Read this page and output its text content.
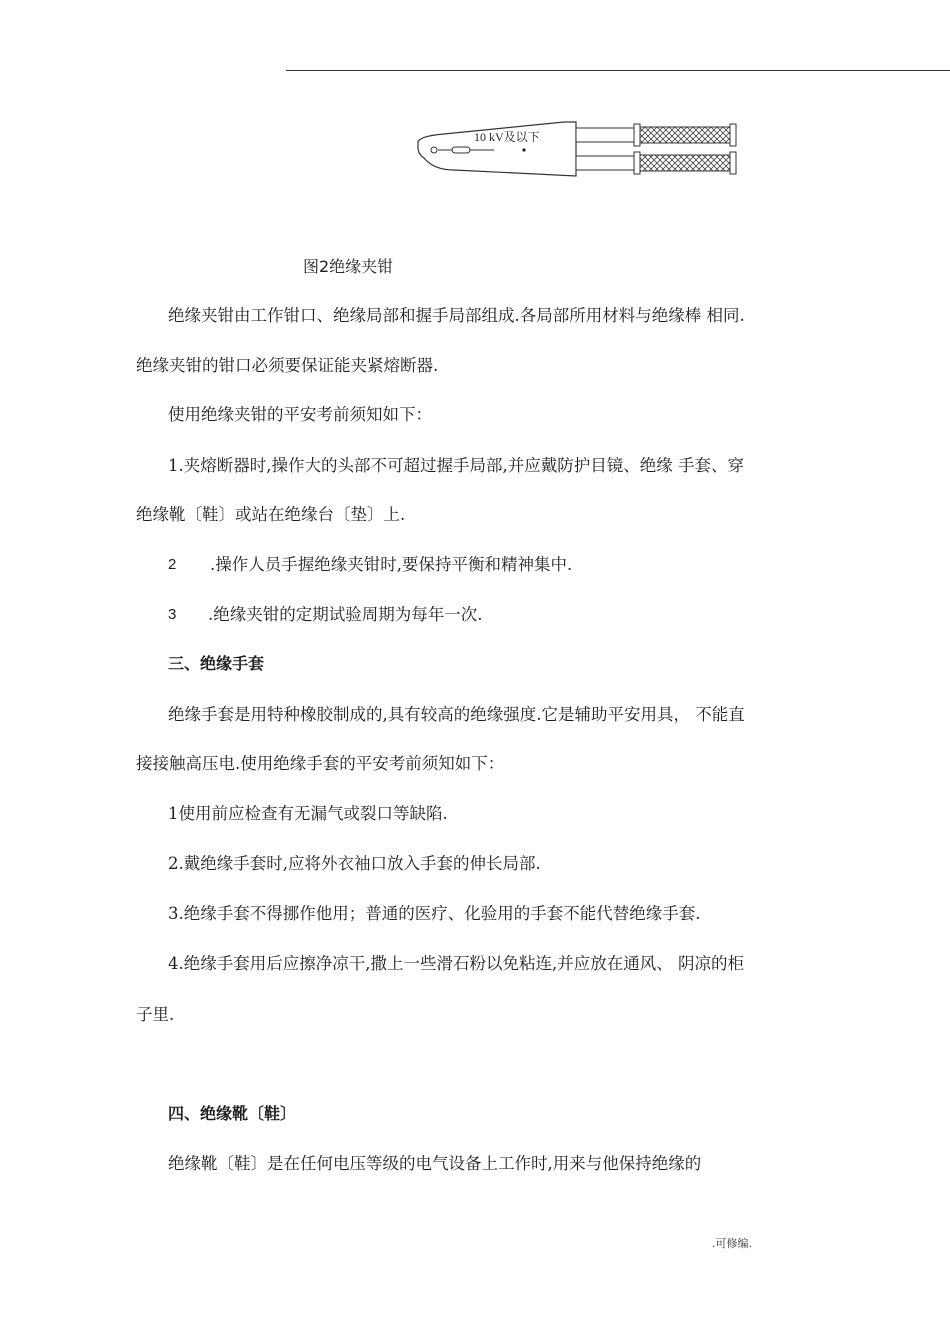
10 kV及以下
图2绝缘夹钳
绝缘夹钳由工作钳口、绝缘局部和握手局部组成.各局部所用材料与绝缘棒 相同.
绝缘夹钳的钳口必须要保证能夹紧熔断器.
使用绝缘夹钳的平安考前须知如下：
1.夹熔断器时,操作大的头部不可超过握手局部,并应戴防护目镜、绝缘 手套、穿
绝缘靴〔鞋〕或站在绝缘台〔垫〕上.
2 .操作人员手握绝缘夹钳时,要保持平衡和精神集中.
3 .绝缘夹钳的定期试验周期为每年一次.
三、绝缘手套
绝缘手套是用特种橡胶制成的,具有较高的绝缘强度.它是辅助平安用具， 不能直
接接触高压电.使用绝缘手套的平安考前须知如下：
1使用前应检查有无漏气或裂口等缺陷.
2.戴绝缘手套时,应将外衣袖口放入手套的伸长局部.
3.绝缘手套不得挪作他用；普通的医疗、化验用的手套不能代替绝缘手套.
4.绝缘手套用后应擦净凉干,撒上一些滑石粉以免粘连,并应放在通风、 阴凉的柜
子里.
四、绝缘靴〔鞋〕
绝缘靴〔鞋〕是在任何电压等级的电气设备上工作时,用来与他保持绝缘的
.可修编.
